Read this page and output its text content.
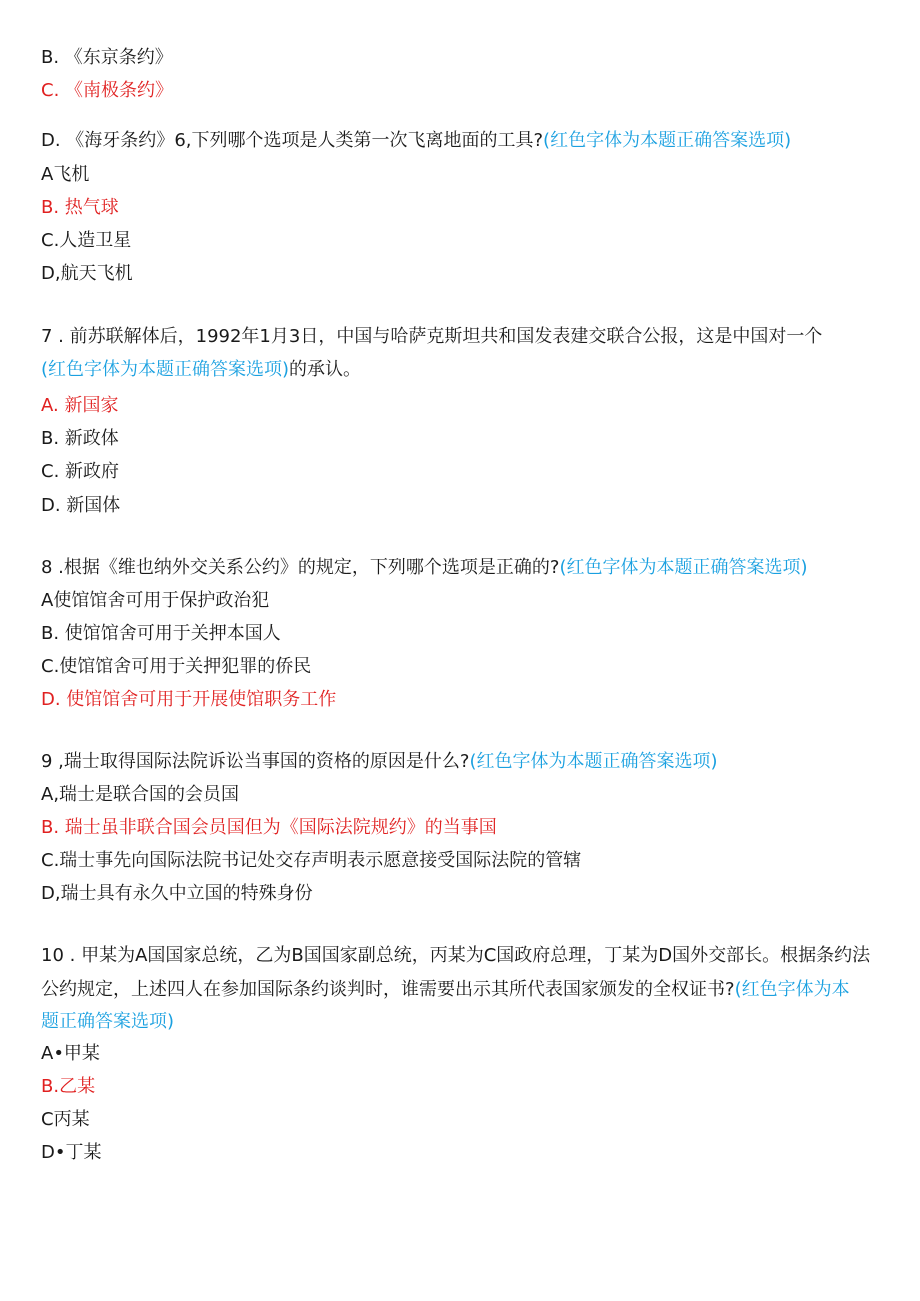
B. 《东京条约》
C. 《南极条约》
D. 《海牙条约》6,下列哪个选项是人类第一次飞离地面的工具?(红色字体为本题正确答案选项)
A飞机
B. 热气球
C.人造卫星
D,航天飞机
7 . 前苏联解体后，1992年1月3日，中国与哈萨克斯坦共和国发表建交联合公报，这是中国对一个
(红色字体为本题正确答案选项)的承认。
A. 新国家
B. 新政体
C. 新政府
D. 新国体
8 .根据《维也纳外交关系公约》的规定，下列哪个选项是正确的?(红色字体为本题正确答案选项)
A使馆馆舍可用于保护政治犯
B. 使馆馆舍可用于关押本国人
C.使馆馆舍可用于关押犯罪的侨民
D. 使馆馆舍可用于开展使馆职务工作
9 ,瑞士取得国际法院诉讼当事国的资格的原因是什么?(红色字体为本题正确答案选项)
A,瑞士是联合国的会员国
B. 瑞士虽非联合国会员国但为《国际法院规约》的当事国
C.瑞士事先向国际法院书记处交存声明表示愿意接受国际法院的管辖
D,瑞士具有永久中立国的特殊身份
10 . 甲某为A国国家总统，乙为B国国家副总统，丙某为C国政府总理，丁某为D国外交部长。根据条约法
公约规定，上述四人在参加国际条约谈判时，谁需要出示其所代表国家颁发的全权证书?(红色字体为本
题正确答案选项)
A•甲某
B.乙某
C丙某
D•丁某
